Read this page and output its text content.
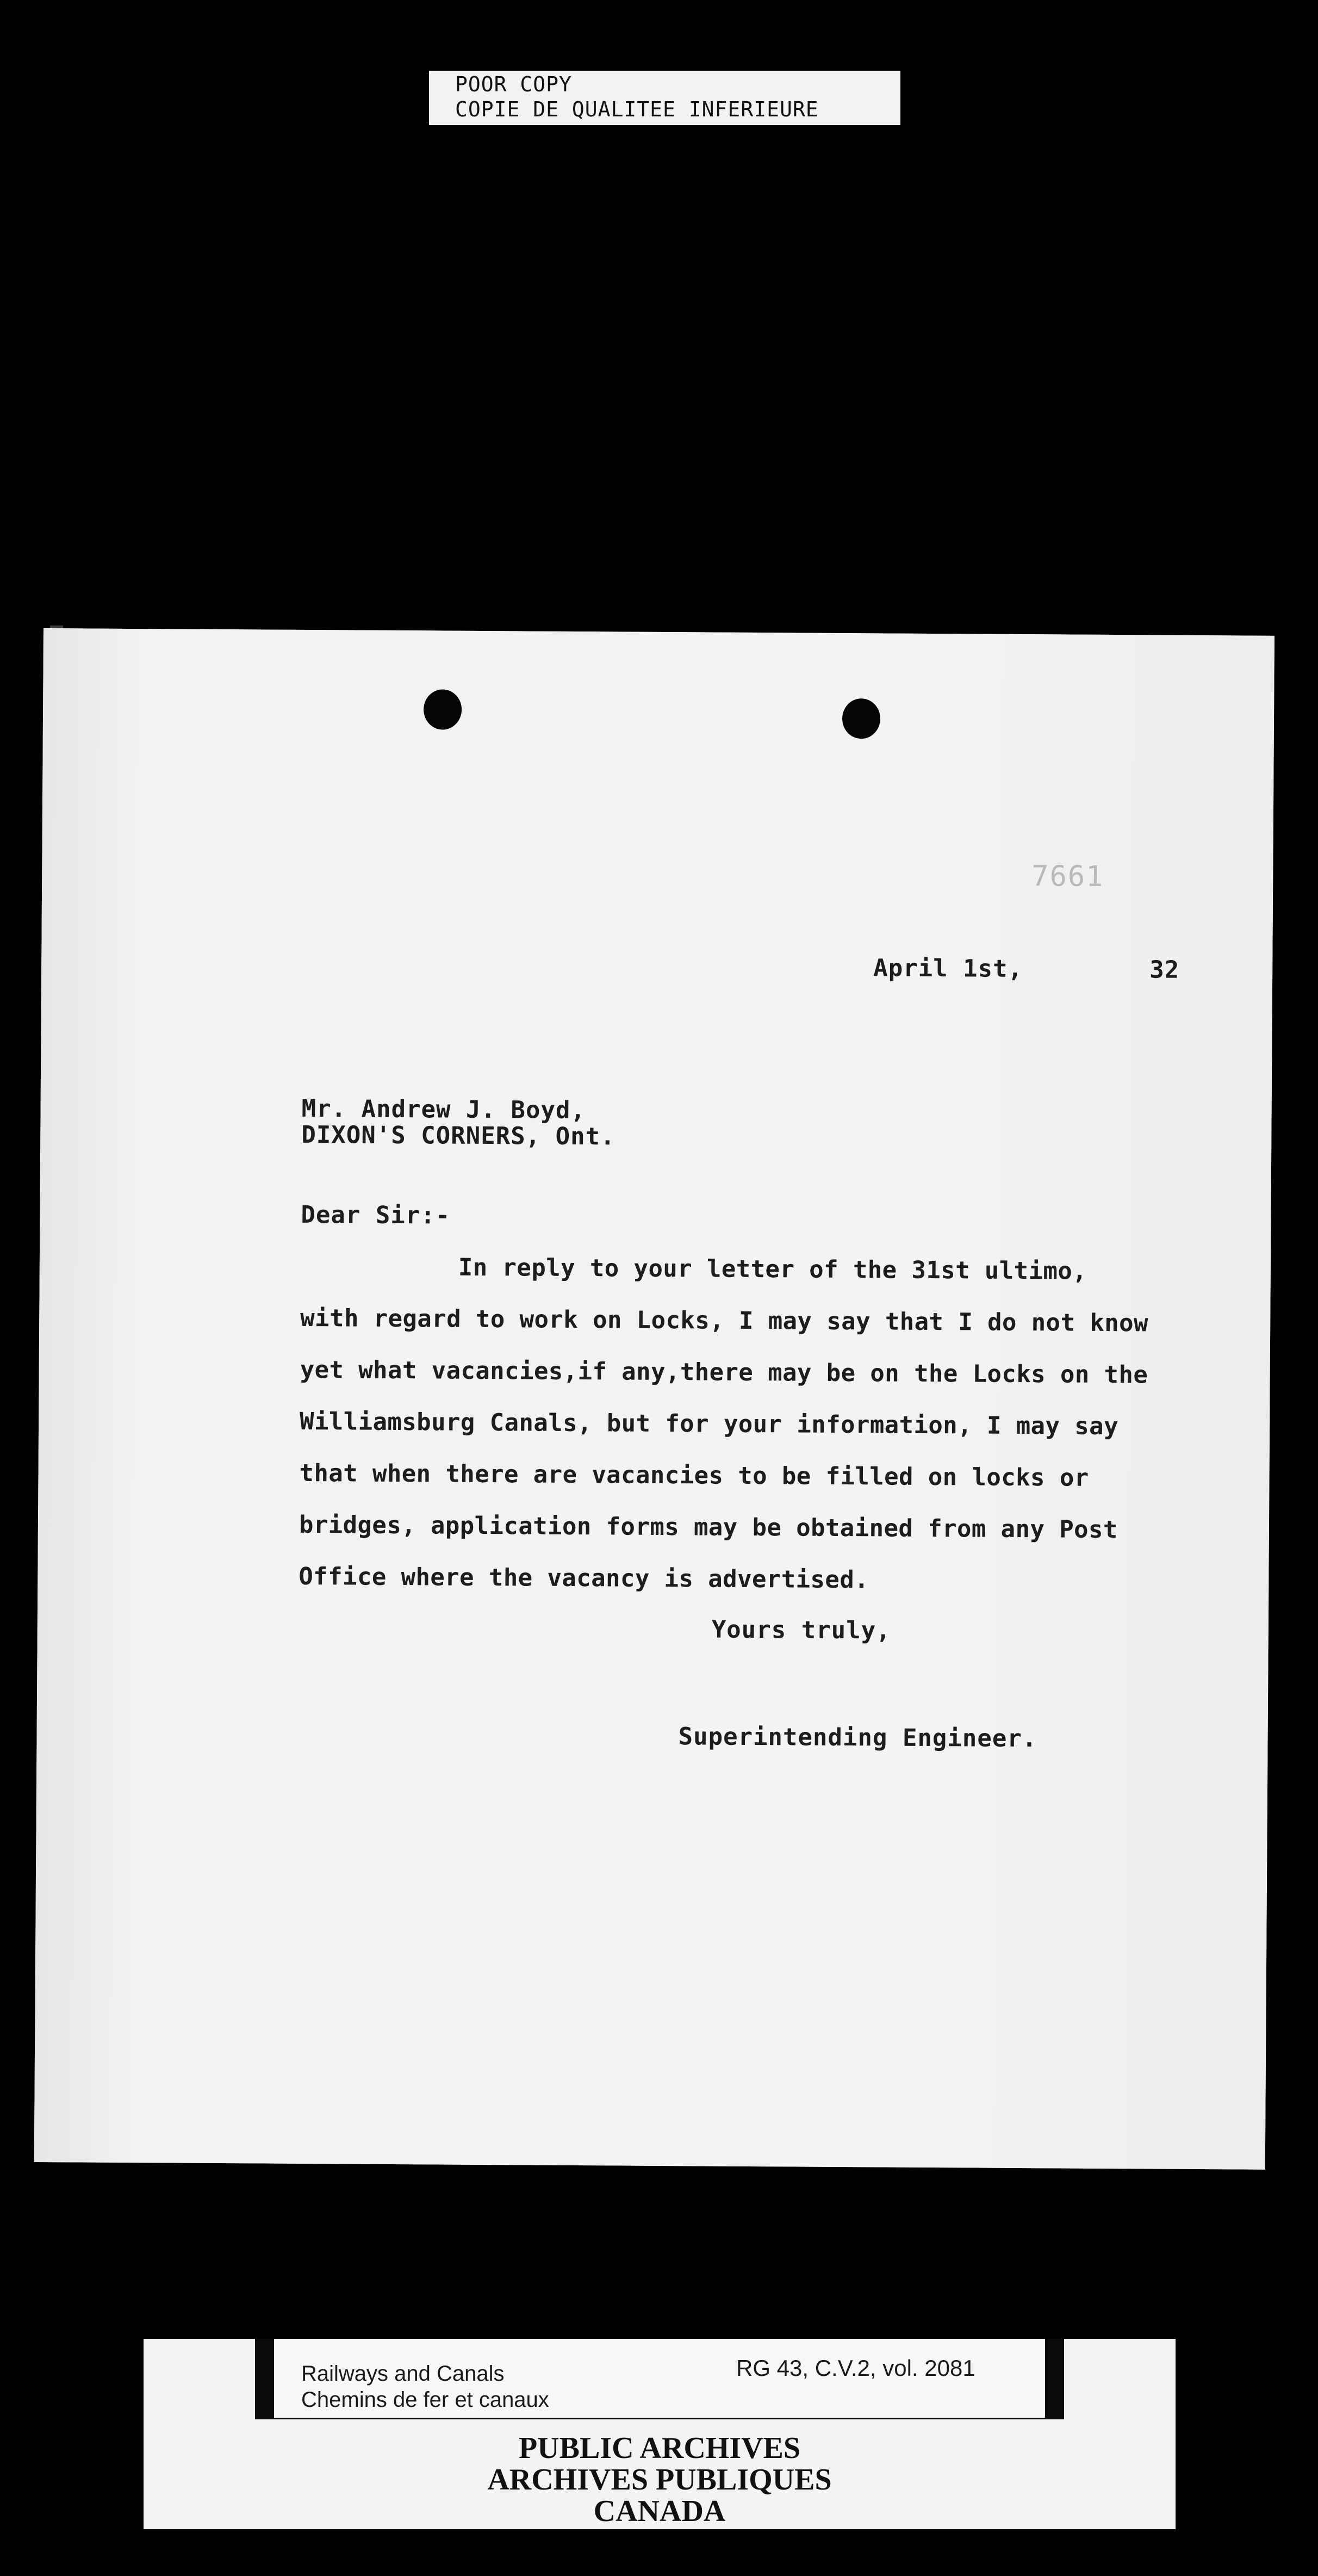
POOR COPY
COPIE DE QUALITEE INFERIEURE
7661
April 1st,	32
Mr. Andrew J. Boyd,
DIXON'S CORNERS, Ont.
Dear Sir:-
In reply to your letter of the 31st ultimo,
with regard to work on Locks, I may say that I do not know
yet what vacancies,if any,there may be on the Locks on the
Williamsburg Canals, but for your information, I may say
that when there are vacancies to be filled on locks or
bridges, application forms may be obtained from any Post
Office where the vacancy is advertised.
Yours truly,
Superintending Engineer.
Railways and Canals
Chemins de fer et canaux
RG 43, C.V.2, vol. 2081
PUBLIC ARCHIVES
ARCHIVES PUBLIQUES
CANADA
